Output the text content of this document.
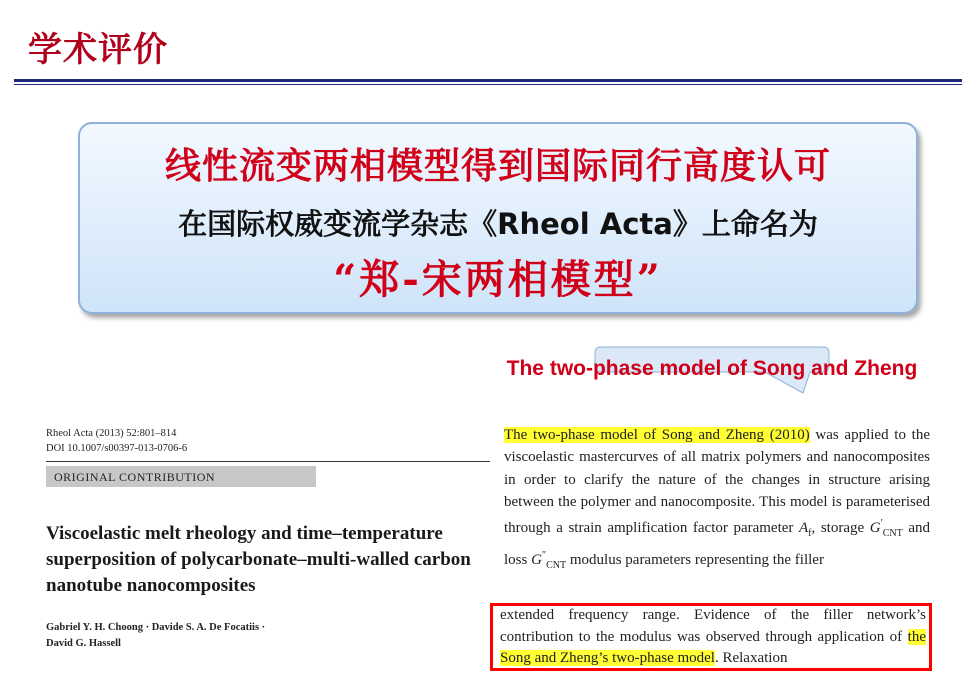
学术评价
线性流变两相模型得到国际同行高度认可
在国际权威变流学杂志《Rheol Acta》上命名为
“郑-宋两相模型”
Rheol Acta (2013) 52:801–814
DOI 10.1007/s00397-013-0706-6
ORIGINAL CONTRIBUTION
Viscoelastic melt rheology and time–temperature
superposition of polycarbonate–multi-walled carbon
nanotube nanocomposites
Gabriel Y. H. Choong · Davide S. A. De Focatiis ·
David G. Hassell
The two-phase model of Song and Zheng (2010) was applied to the viscoelastic mastercurves of all matrix polymers and nanocomposites in order to clarify the nature of the changes in structure arising between the polymer and nanocomposite. This model is parameterised through a strain amplification factor parameter $A_f$, storage $G'_{CNT}$ and loss $G''_{CNT}$ modulus parameters representing the filler
The two-phase model of Song and Zheng
extended frequency range. Evidence of the filler network’s contribution to the modulus was observed through application of the Song and Zheng’s two-phase model. Relaxation
